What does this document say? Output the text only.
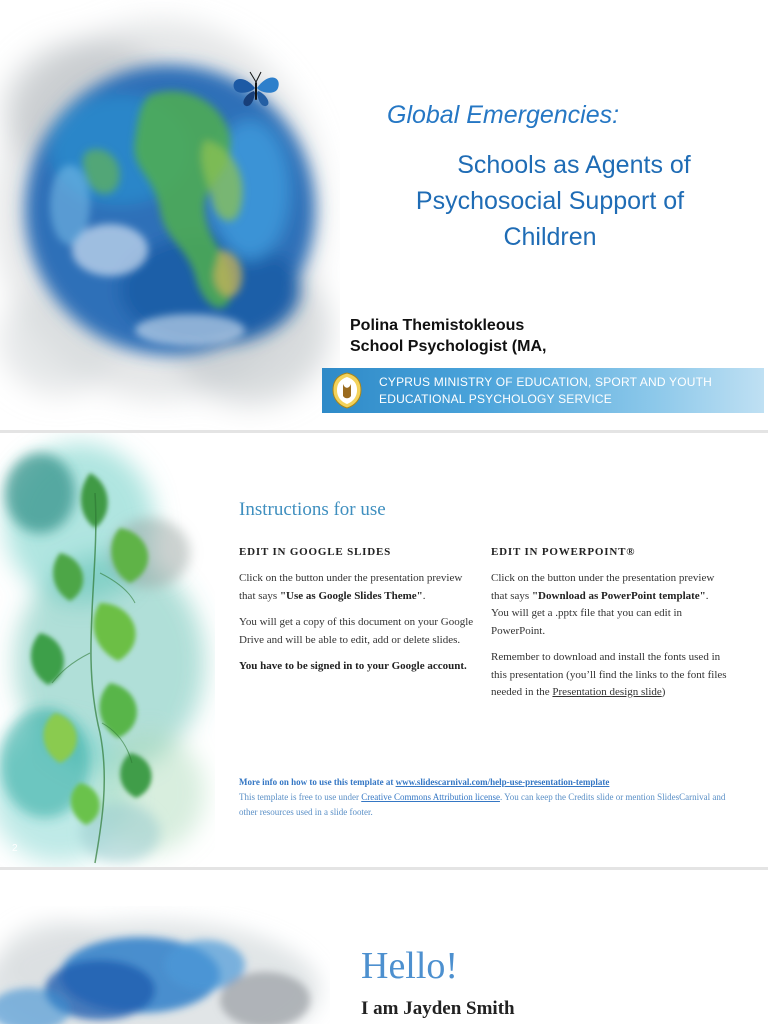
Global Emergencies:
Schools as Agents of
Psychosocial Support of
Children
Polina Themistokleous
School Psychologist (MA,
CYPRUS MINISTRY OF EDUCATION, SPORT AND YOUTH
EDUCATIONAL PSYCHOLOGY SERVICE
Instructions for use
EDIT IN GOOGLE SLIDES

Click on the button under the presentation preview that says "Use as Google Slides Theme".

You will get a copy of this document on your Google Drive and will be able to edit, add or delete slides.

You have to be signed in to your Google account.

EDIT IN POWERPOINT®

Click on the button under the presentation preview that says "Download as PowerPoint template". You will get a .pptx file that you can edit in PowerPoint.

Remember to download and install the fonts used in this presentation (you’ll find the links to the font files needed in the Presentation design slide)

More info on how to use this template at www.slidescarnival.com/help-use-presentation-template
This template is free to use under Creative Commons Attribution license. You can keep the Credits slide or mention SlidesCarnival and other resources used in a slide footer.
2
Hello!
I am Jayden Smith
